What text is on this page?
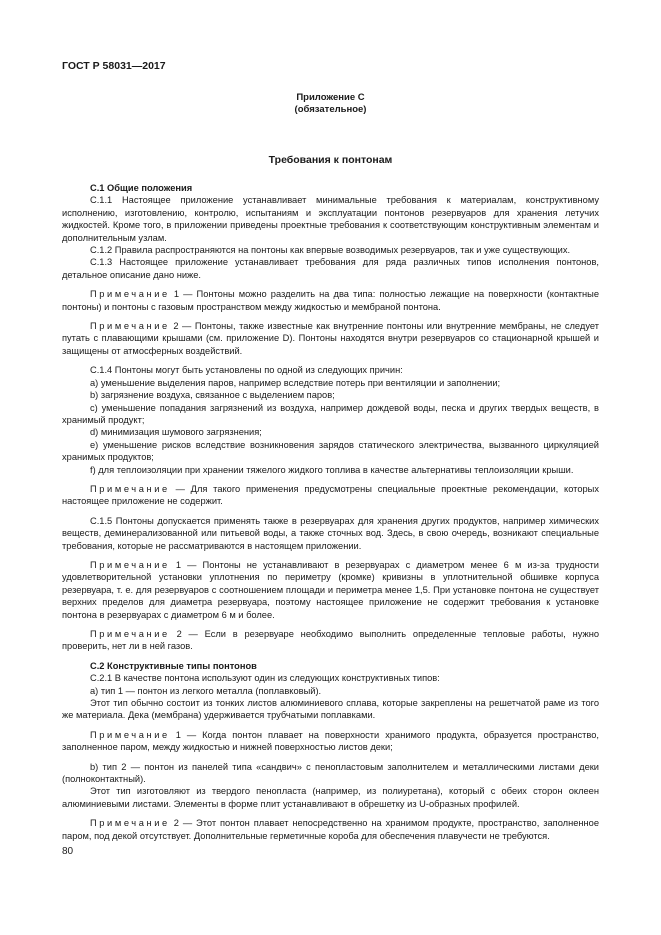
ГОСТ Р 58031—2017
Приложение С
(обязательное)
Требования к понтонам

С.1 Общие положения

С.1.1 Настоящее приложение устанавливает минимальные требования к материалам, конструктивному исполнению, изготовлению, контролю, испытаниям и эксплуатации понтонов резервуаров для хранения летучих жидкостей. Кроме того, в приложении приведены проектные требования к соответствующим конструктивным элементам и дополнительным узлам.

С.1.2 Правила распространяются на понтоны как впервые возводимых резервуаров, так и уже существующих.

С.1.3 Настоящее приложение устанавливает требования для ряда различных типов исполнения понтонов, детальное описание дано ниже.

Примечание 1 — Понтоны можно разделить на два типа: полностью лежащие на поверхности (контактные понтоны) и понтоны с газовым пространством между жидкостью и мембраной понтона.

Примечание 2 — Понтоны, также известные как внутренние понтоны или внутренние мембраны, не следует путать с плавающими крышами (см. приложение D). Понтоны находятся внутри резервуаров со стационарной крышей и защищены от атмосферных воздействий.

С.1.4 Понтоны могут быть установлены по одной из следующих причин:

a) уменьшение выделения паров, например вследствие потерь при вентиляции и заполнении;

b) загрязнение воздуха, связанное с выделением паров;

c) уменьшение попадания загрязнений из воздуха, например дождевой воды, песка и других твердых веществ, в хранимый продукт;

d) минимизация шумового загрязнения;

e) уменьшение рисков вследствие возникновения зарядов статического электричества, вызванного циркуляцией хранимых продуктов;

f) для теплоизоляции при хранении тяжелого жидкого топлива в качестве альтернативы теплоизоляции крыши.

Примечание — Для такого применения предусмотрены специальные проектные рекомендации, которых настоящее приложение не содержит.

С.1.5 Понтоны допускается применять также в резервуарах для хранения других продуктов, например химических веществ, деминерализованной или питьевой воды, а также сточных вод. Здесь, в свою очередь, возникают специальные требования, которые не рассматриваются в настоящем приложении.

Примечание 1 — Понтоны не устанавливают в резервуарах с диаметром менее 6 м из-за трудности удовлетворительной установки уплотнения по периметру (кромке) кривизны в уплотнительной обшивке корпуса резервуара, т. е. для резервуаров с соотношением площади и периметра менее 1,5. При установке понтона не существует верхних пределов для диаметра резервуара, поэтому настоящее приложение не содержит требования к установке понтона в резервуарах с диаметром 6 м и более.

Примечание 2 — Если в резервуаре необходимо выполнить определенные тепловые работы, нужно проверить, нет ли в ней газов.

С.2 Конструктивные типы понтонов

С.2.1 В качестве понтона используют один из следующих конструктивных типов:

a) тип 1 — понтон из легкого металла (поплавковый).

Этот тип обычно состоит из тонких листов алюминиевого сплава, которые закреплены на решетчатой раме из того же материала. Дека (мембрана) удерживается трубчатыми поплавками.

Примечание 1 — Когда понтон плавает на поверхности хранимого продукта, образуется пространство, заполненное паром, между жидкостью и нижней поверхностью листов деки;

b) тип 2 — понтон из панелей типа «сандвич» с пенопластовым заполнителем и металлическими листами деки (полноконтактный).

Этот тип изготовляют из твердого пенопласта (например, из полиуретана), который с обеих сторон оклеен алюминиевыми листами. Элементы в форме плит устанавливают в обрешетку из U-образных профилей.

Примечание 2 — Этот понтон плавает непосредственно на хранимом продукте, пространство, заполненное паром, под декой отсутствует. Дополнительные герметичные короба для обеспечения плавучести не требуются.

80
